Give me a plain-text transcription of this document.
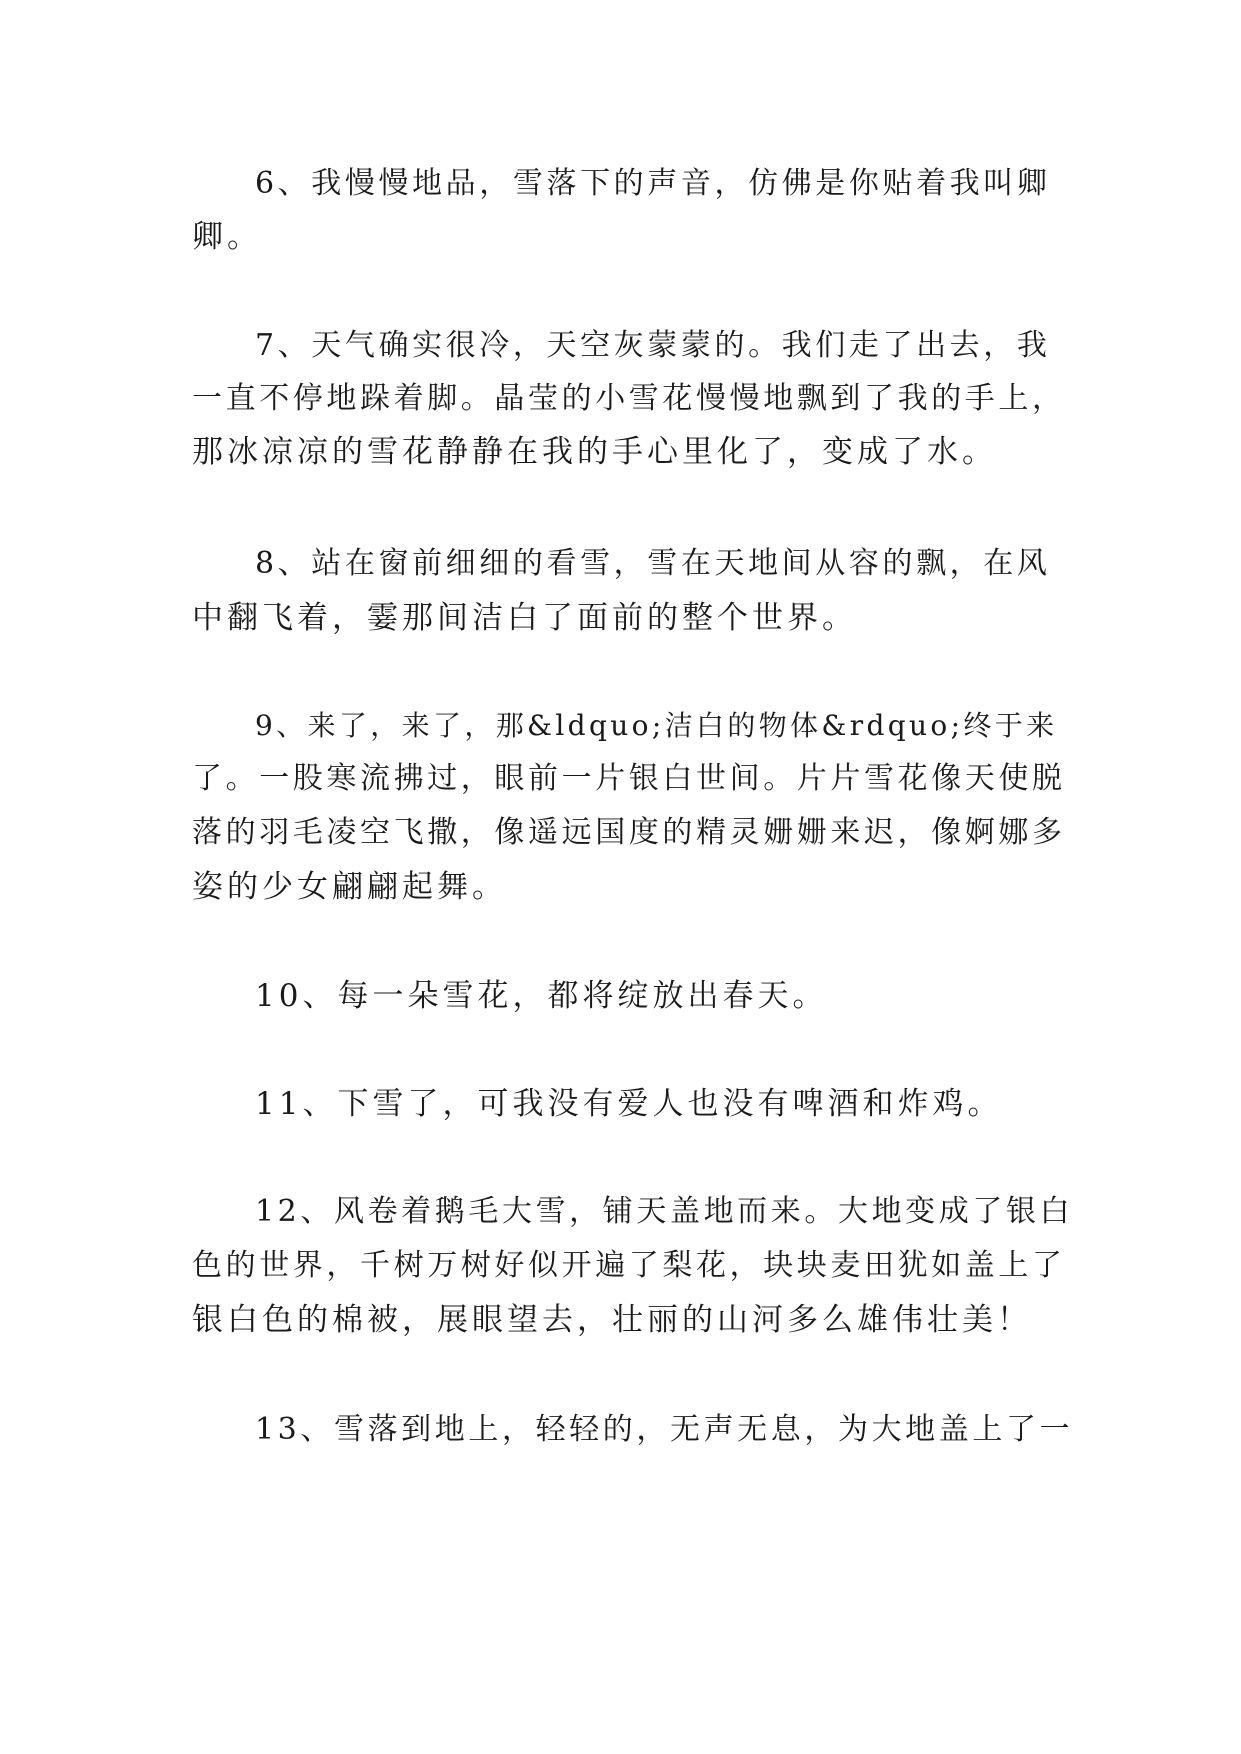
6、我慢慢地品，雪落下的声音，仿佛是你贴着我叫卿
卿。
7、天气确实很冷，天空灰蒙蒙的。我们走了出去，我
一直不停地跺着脚。晶莹的小雪花慢慢地飘到了我的手上，
那冰凉凉的雪花静静在我的手心里化了，变成了水。
8、站在窗前细细的看雪，雪在天地间从容的飘，在风
中翻飞着，霎那间洁白了面前的整个世界。
9、来了，来了，那&ldquo;洁白的物体&rdquo;终于来
了。一股寒流拂过，眼前一片银白世间。片片雪花像天使脱
落的羽毛凌空飞撒，像遥远国度的精灵姗姗来迟，像婀娜多
姿的少女翩翩起舞。
10、每一朵雪花，都将绽放出春天。
11、下雪了，可我没有爱人也没有啤酒和炸鸡。
12、风卷着鹅毛大雪，铺天盖地而来。大地变成了银白
色的世界，千树万树好似开遍了梨花，块块麦田犹如盖上了
银白色的棉被，展眼望去，壮丽的山河多么雄伟壮美！
13、雪落到地上，轻轻的，无声无息，为大地盖上了一
